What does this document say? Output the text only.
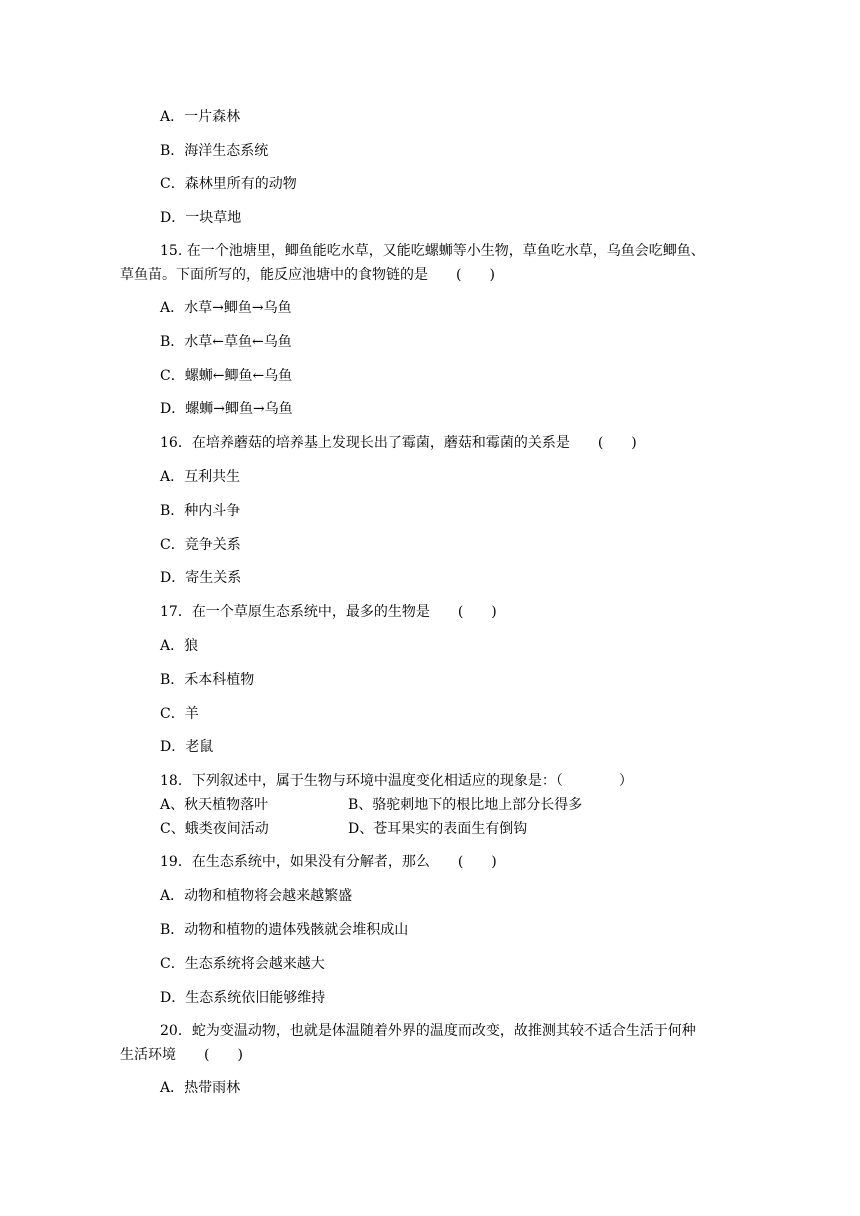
A．一片森林
B．海洋生态系统
C．森林里所有的动物
D．一块草地
15. 在一个池塘里，鲫鱼能吃水草，又能吃螺蛳等小生物，草鱼吃水草，乌鱼会吃鲫鱼、
草鱼苗。下面所写的，能反应池塘中的食物链的是　　(　　)
A．水草→鲫鱼→乌鱼
B．水草←草鱼←乌鱼
C．螺蛳←鲫鱼←乌鱼
D．螺蛳→鲫鱼→乌鱼
16．在培养蘑菇的培养基上发现长出了霉菌，蘑菇和霉菌的关系是　　(　　)
A．互利共生
B．种内斗争
C．竞争关系
D．寄生关系
17．在一个草原生态系统中，最多的生物是　　(　　)
A．狼
B．禾本科植物
C．羊
D．老鼠
18．下列叙述中，属于生物与环境中温度变化相适应的现象是：（　　　　）
A、秋天植物落叶	B、骆驼刺地下的根比地上部分长得多
C、蛾类夜间活动	D、苍耳果实的表面生有倒钩
19．在生态系统中，如果没有分解者，那么　　(　　)
A．动物和植物将会越来越繁盛
B．动物和植物的遗体残骸就会堆积成山
C．生态系统将会越来越大
D．生态系统依旧能够维持
20．蛇为变温动物，也就是体温随着外界的温度而改变，故推测其较不适合生活于何种
生活环境　　(　　)
A．热带雨林
